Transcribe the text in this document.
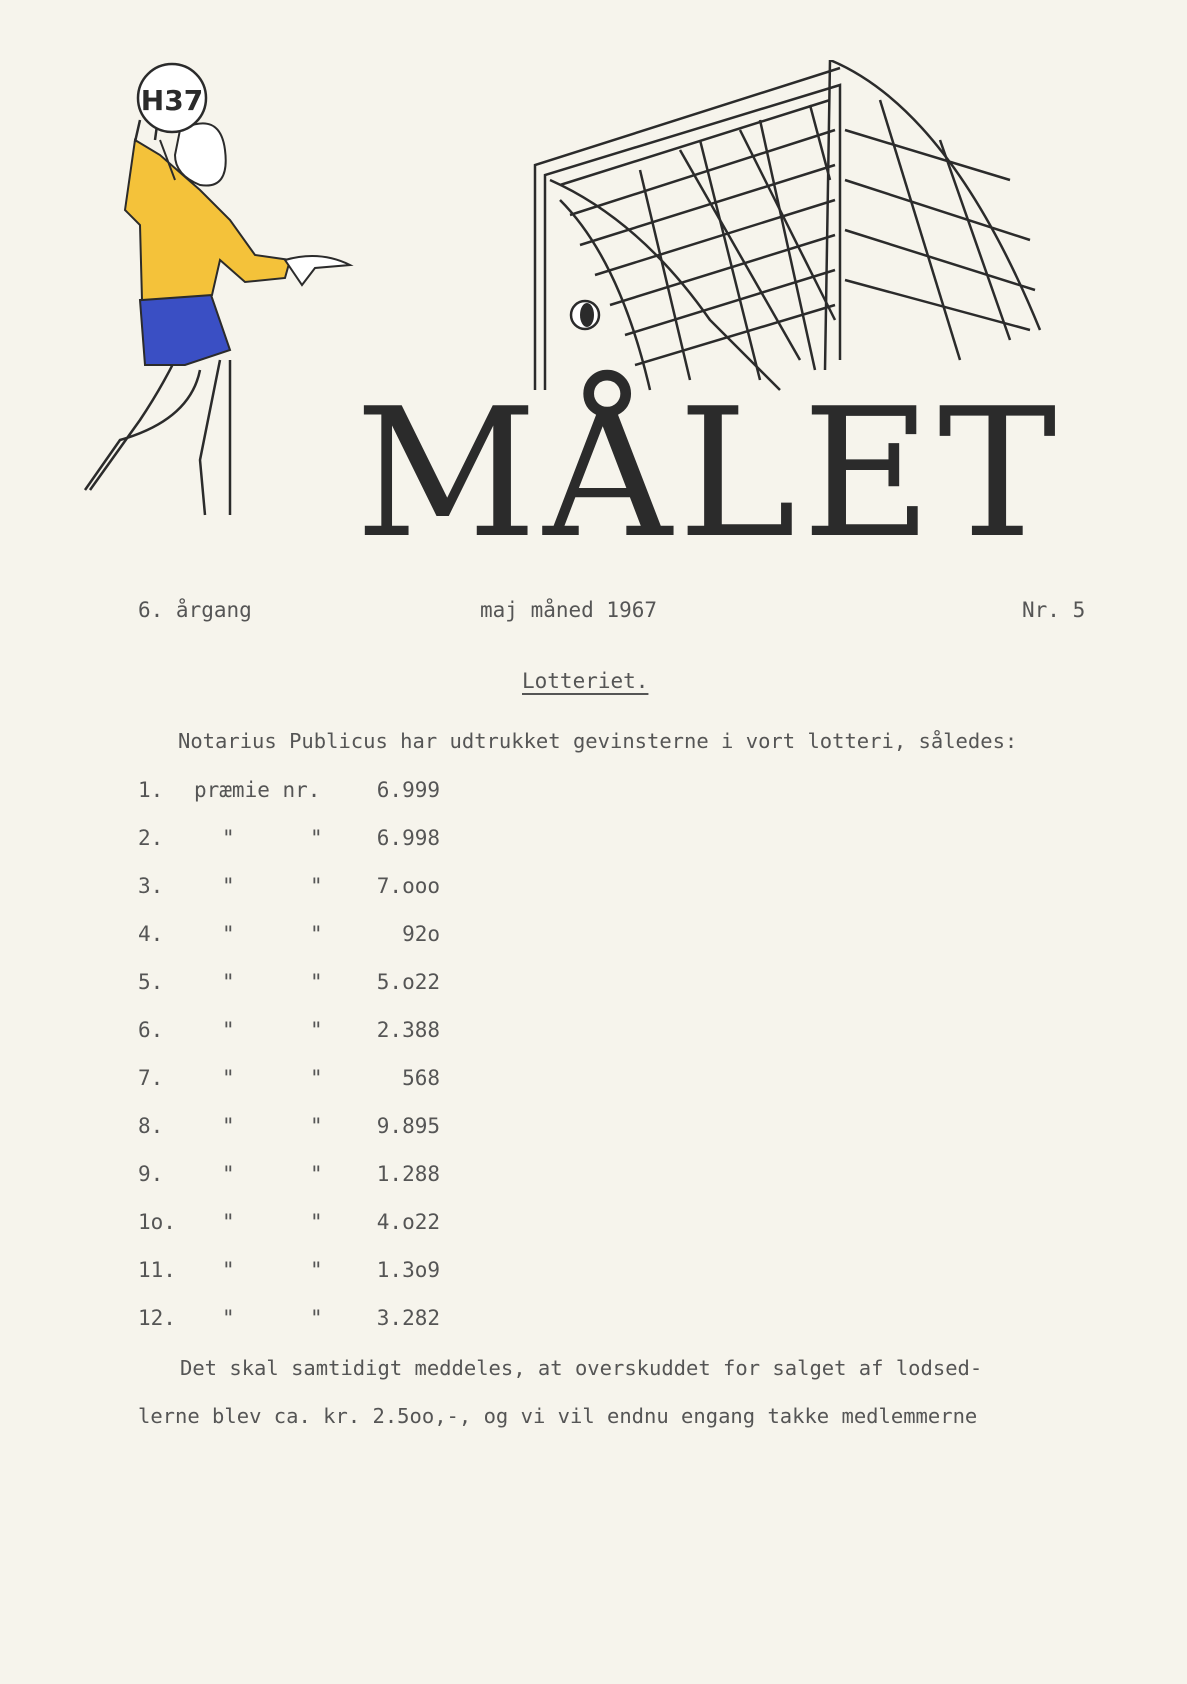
H37
MÅLET
6. årgang	maj måned 1967	Nr. 5
Lotteriet.
Notarius Publicus har udtrukket gevinsterne i vort lotteri, således:
1. præmie nr.	6.999
2.	"	"	6.998
3.	"	"	7.ooo
4.	"	"	92o
5.	"	"	5.o22
6.	"	"	2.388
7.	"	"	568
8.	"	"	9.895
9.	"	"	1.288
1o. "	"	4.o22
11. "	"	1.3o9
12. "	"	3.282
Det skal samtidigt meddeles, at overskuddet for salget af lodsed-
lerne blev ca. kr. 2.5oo,-, og vi vil endnu engang takke medlemmerne
